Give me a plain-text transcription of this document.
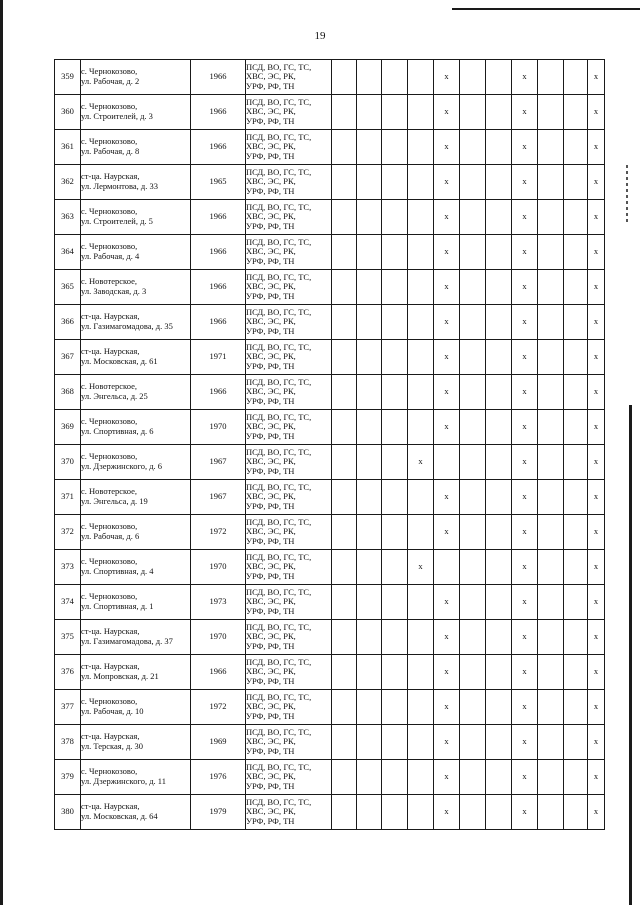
19
359	с. Чернокозово,
ул. Рабочая, д. 2	1966	ПСД, ВО, ГС, ТС,
ХВС, ЭС, РК,
УРФ, РФ, ТН					x			x			x
360	с. Чернокозово,
ул. Строителей, д. 3	1966	ПСД, ВО, ГС, ТС,
ХВС, ЭС, РК,
УРФ, РФ, ТН					x			x			x
361	с. Чернокозово,
ул. Рабочая, д. 8	1966	ПСД, ВО, ГС, ТС,
ХВС, ЭС, РК,
УРФ, РФ, ТН					x			x			x
362	ст-ца. Наурская,
ул. Лермонтова, д. 33	1965	ПСД, ВО, ГС, ТС,
ХВС, ЭС, РК,
УРФ, РФ, ТН					x			x			x
363	с. Чернокозово,
ул. Строителей, д. 5	1966	ПСД, ВО, ГС, ТС,
ХВС, ЭС, РК,
УРФ, РФ, ТН					x			x			x
364	с. Чернокозово,
ул. Рабочая, д. 4	1966	ПСД, ВО, ГС, ТС,
ХВС, ЭС, РК,
УРФ, РФ, ТН					x			x			x
365	с. Новотерское,
ул. Заводская, д. 3	1966	ПСД, ВО, ГС, ТС,
ХВС, ЭС, РК,
УРФ, РФ, ТН					x			x			x
366	ст-ца. Наурская,
ул. Газимагомадова, д. 35	1966	ПСД, ВО, ГС, ТС,
ХВС, ЭС, РК,
УРФ, РФ, ТН					x			x			x
367	ст-ца. Наурская,
ул. Московская, д. 61	1971	ПСД, ВО, ГС, ТС,
ХВС, ЭС, РК,
УРФ, РФ, ТН					x			x			x
368	с. Новотерское,
ул. Энгельса, д. 25	1966	ПСД, ВО, ГС, ТС,
ХВС, ЭС, РК,
УРФ, РФ, ТН					x			x			x
369	с. Чернокозово,
ул. Спортивная, д. 6	1970	ПСД, ВО, ГС, ТС,
ХВС, ЭС, РК,
УРФ, РФ, ТН					x			x			x
370	с. Чернокозово,
ул. Дзержинского, д. 6	1967	ПСД, ВО, ГС, ТС,
ХВС, ЭС, РК,
УРФ, РФ, ТН				x				x			x
371	с. Новотерское,
ул. Энгельса, д. 19	1967	ПСД, ВО, ГС, ТС,
ХВС, ЭС, РК,
УРФ, РФ, ТН					x			x			x
372	с. Чернокозово,
ул. Рабочая, д. 6	1972	ПСД, ВО, ГС, ТС,
ХВС, ЭС, РК,
УРФ, РФ, ТН					x			x			x
373	с. Чернокозово,
ул. Спортивная, д. 4	1970	ПСД, ВО, ГС, ТС,
ХВС, ЭС, РК,
УРФ, РФ, ТН				x				x			x
374	с. Чернокозово,
ул. Спортивная, д. 1	1973	ПСД, ВО, ГС, ТС,
ХВС, ЭС, РК,
УРФ, РФ, ТН					x			x			x
375	ст-ца. Наурская,
ул. Газимагомадова, д. 37	1970	ПСД, ВО, ГС, ТС,
ХВС, ЭС, РК,
УРФ, РФ, ТН					x			x			x
376	ст-ца. Наурская,
ул. Мопровская, д. 21	1966	ПСД, ВО, ГС, ТС,
ХВС, ЭС, РК,
УРФ, РФ, ТН					x			x			x
377	с. Чернокозово,
ул. Рабочая, д. 10	1972	ПСД, ВО, ГС, ТС,
ХВС, ЭС, РК,
УРФ, РФ, ТН					x			x			x
378	ст-ца. Наурская,
ул. Терская, д. 30	1969	ПСД, ВО, ГС, ТС,
ХВС, ЭС, РК,
УРФ, РФ, ТН					x			x			x
379	с. Чернокозово,
ул. Дзержинского, д. 11	1976	ПСД, ВО, ГС, ТС,
ХВС, ЭС, РК,
УРФ, РФ, ТН					x			x			x
380	ст-ца. Наурская,
ул. Московская, д. 64	1979	ПСД, ВО, ГС, ТС,
ХВС, ЭС, РК,
УРФ, РФ, ТН					x			x			x
